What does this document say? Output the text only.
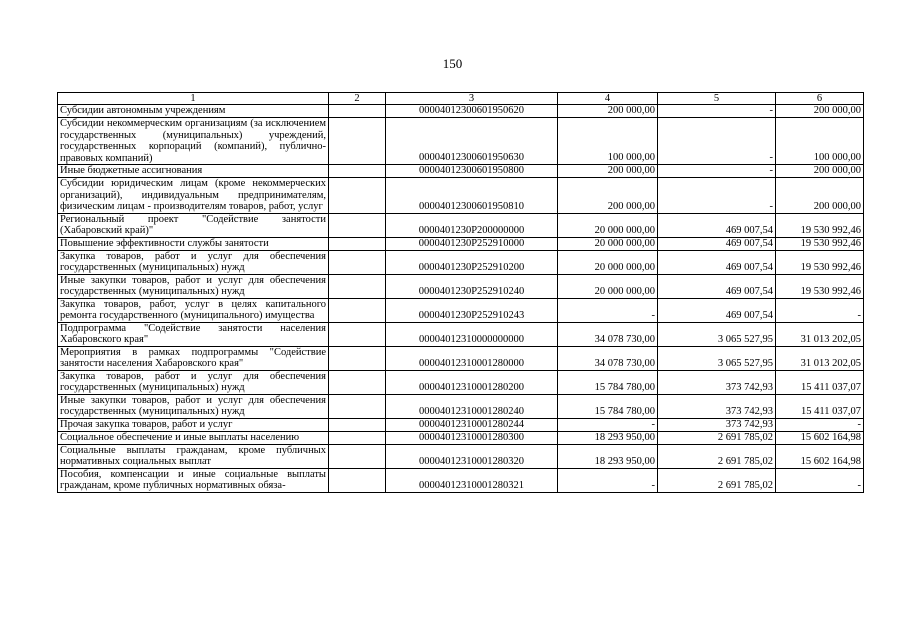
150
1	2	3	4	5	6
Субсидии автономным учреждениям		00004012300601950620	200 000,00	-	200 000,00
Субсидии некоммерческим организациям (за исключением государственных (муниципальных) учреждений, государственных корпораций (компаний), публично-правовых компаний)		00004012300601950630	100 000,00	-	100 000,00
Иные бюджетные ассигнования		00004012300601950800	200 000,00	-	200 000,00
Субсидии юридическим лицам (кроме некоммерческих организаций), индивидуальным предпринимателям, физическим лицам - производителям товаров, работ, услуг		00004012300601950810	200 000,00	-	200 000,00
Региональный проект "Содействие занятости (Хабаровский край)"		0000401230P200000000	20 000 000,00	469 007,54	19 530 992,46
Повышение эффективности службы занятости		0000401230P252910000	20 000 000,00	469 007,54	19 530 992,46
Закупка товаров, работ и услуг для обеспечения государственных (муниципальных) нужд		0000401230P252910200	20 000 000,00	469 007,54	19 530 992,46
Иные закупки товаров, работ и услуг для обеспечения государственных (муниципальных) нужд		0000401230P252910240	20 000 000,00	469 007,54	19 530 992,46
Закупка товаров, работ, услуг в целях капитального ремонта государственного (муниципального) имущества		0000401230P252910243	-	469 007,54	-
Подпрограмма "Содействие занятости населения Хабаровского края"		00004012310000000000	34 078 730,00	3 065 527,95	31 013 202,05
Мероприятия в рамках подпрограммы "Содействие занятости населения Хабаровского края"		00004012310001280000	34 078 730,00	3 065 527,95	31 013 202,05
Закупка товаров, работ и услуг для обеспечения государственных (муниципальных) нужд		00004012310001280200	15 784 780,00	373 742,93	15 411 037,07
Иные закупки товаров, работ и услуг для обеспечения государственных (муниципальных) нужд		00004012310001280240	15 784 780,00	373 742,93	15 411 037,07
Прочая закупка товаров, работ и услуг		00004012310001280244	-	373 742,93	-
Социальное обеспечение и иные выплаты населению		00004012310001280300	18 293 950,00	2 691 785,02	15 602 164,98
Социальные выплаты гражданам, кроме публичных нормативных социальных выплат		00004012310001280320	18 293 950,00	2 691 785,02	15 602 164,98
Пособия, компенсации и иные социальные выплаты гражданам, кроме публичных нормативных обяза-		00004012310001280321	-	2 691 785,02	-
